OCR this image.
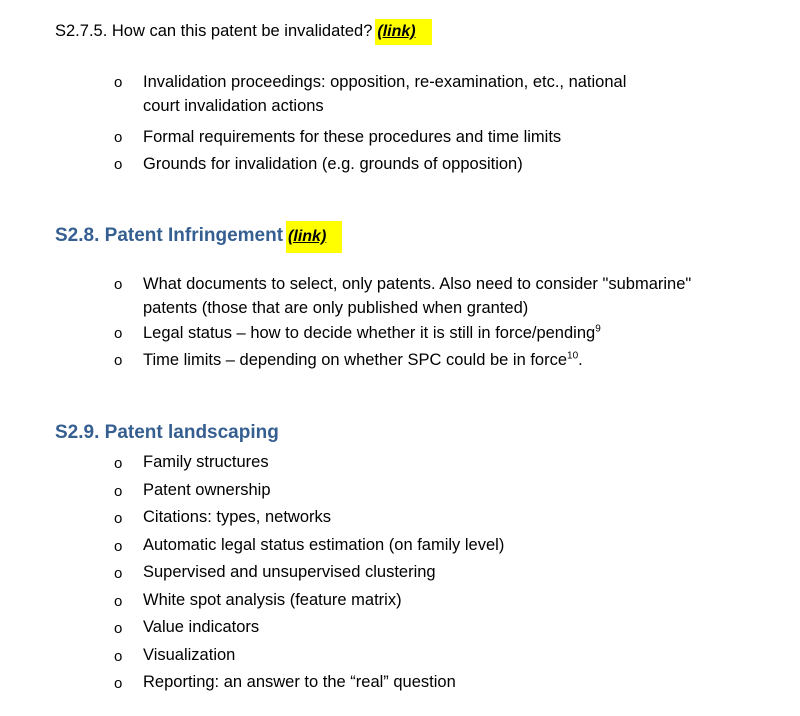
S2.7.5. How can this patent be invalidated? (link)
o Invalidation proceedings: opposition, re-examination, etc., national
court invalidation actions
o Formal requirements for these procedures and time limits
o Grounds for invalidation (e.g. grounds of opposition)
S2.8. Patent Infringement (link)
o What documents to select, only patents. Also need to consider "submarine"
patents (those that are only published when granted)
o Legal status – how to decide whether it is still in force/pending$^9$
o Time limits – depending on whether SPC could be in force$^{10}$.
S2.9. Patent landscaping
o Family structures
o Patent ownership
o Citations: types, networks
o Automatic legal status estimation (on family level)
o Supervised and unsupervised clustering
o White spot analysis (feature matrix)
o Value indicators
o Visualization
o Reporting: an answer to the “real” question
